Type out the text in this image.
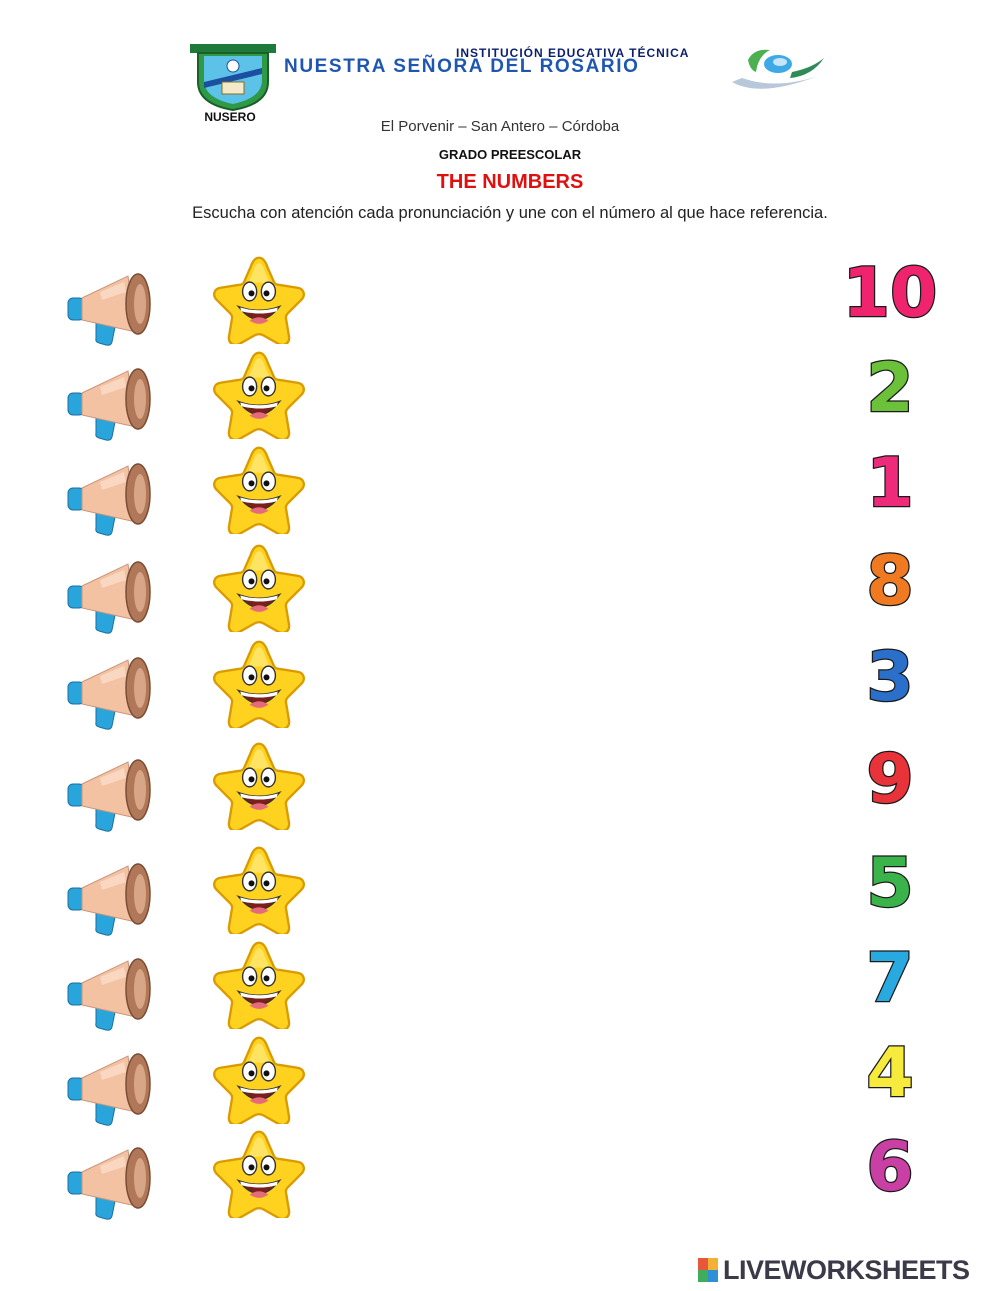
NUSERO
INSTITUCIÓN EDUCATIVA TÉCNICA
NUESTRA SEÑORA DEL ROSARIO
El Porvenir – San Antero – Córdoba
GRADO PREESCOLAR
THE NUMBERS
Escucha con atención cada pronunciación y une con el número al que hace referencia.
10
2
1
8
3
9
5
7
4
6
LIVEWORKSHEETS
